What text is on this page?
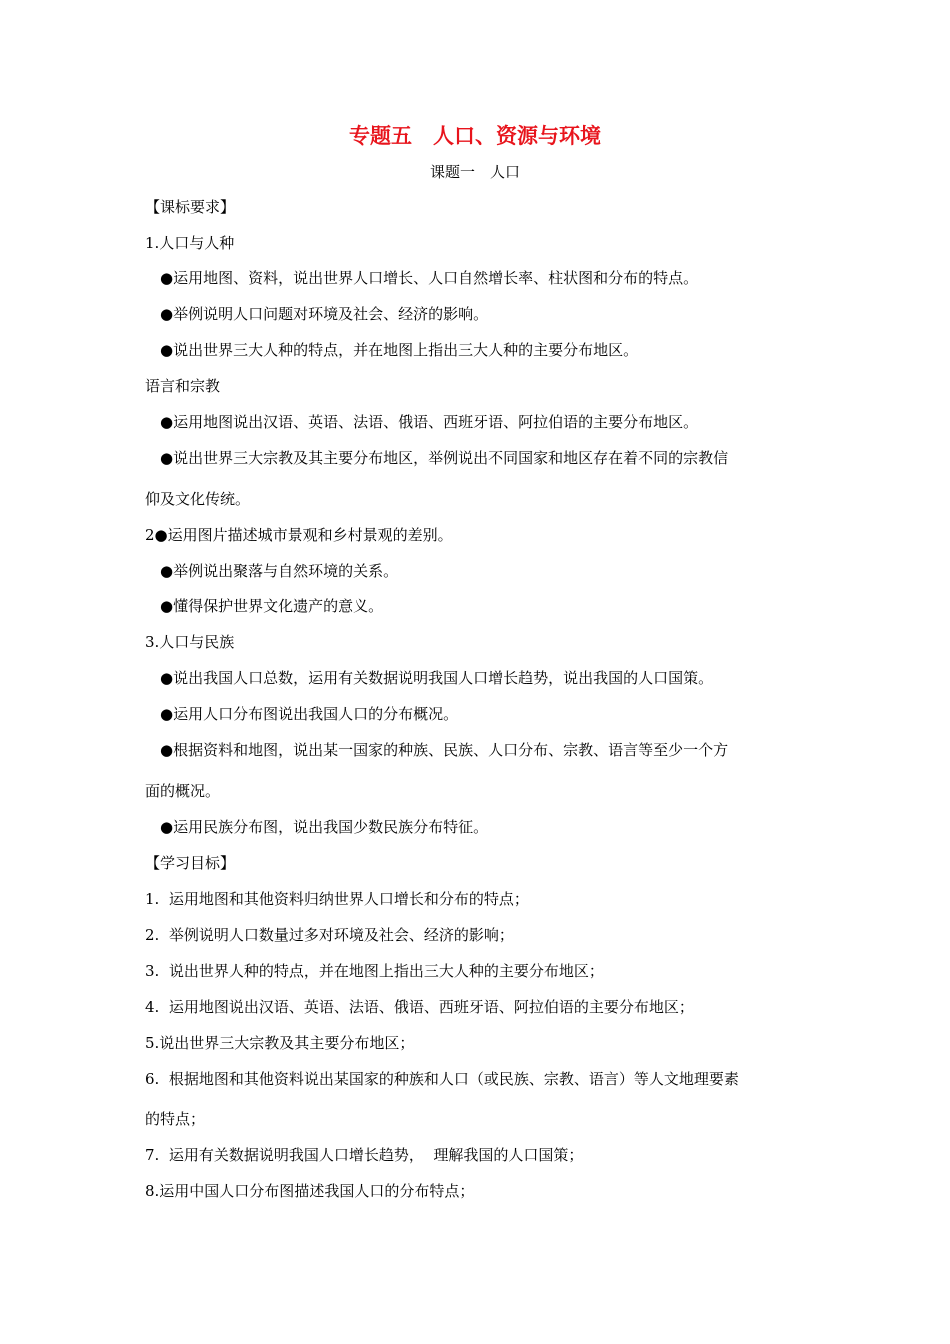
专题五　人口、资源与环境
课题一　人口
【课标要求】
1.人口与人种
●运用地图、资料，说出世界人口增长、人口自然增长率、柱状图和分布的特点。
●举例说明人口问题对环境及社会、经济的影响。
●说出世界三大人种的特点，并在地图上指出三大人种的主要分布地区。
语言和宗教
●运用地图说出汉语、英语、法语、俄语、西班牙语、阿拉伯语的主要分布地区。
●说出世界三大宗教及其主要分布地区，举例说出不同国家和地区存在着不同的宗教信
仰及文化传统。
2●运用图片描述城市景观和乡村景观的差别。
●举例说出聚落与自然环境的关系。
●懂得保护世界文化遗产的意义。
3.人口与民族
●说出我国人口总数，运用有关数据说明我国人口增长趋势，说出我国的人口国策。
●运用人口分布图说出我国人口的分布概况。
●根据资料和地图，说出某一国家的种族、民族、人口分布、宗教、语言等至少一个方
面的概况。
●运用民族分布图，说出我国少数民族分布特征。
【学习目标】
1.  运用地图和其他资料归纳世界人口增长和分布的特点；
2.  举例说明人口数量过多对环境及社会、经济的影响；
3.  说出世界人种的特点，并在地图上指出三大人种的主要分布地区；
4.  运用地图说出汉语、英语、法语、俄语、西班牙语、阿拉伯语的主要分布地区；
5.说出世界三大宗教及其主要分布地区；
6.  根据地图和其他资料说出某国家的种族和人口（或民族、宗教、语言）等人文地理要素
的特点；
7.  运用有关数据说明我国人口增长趋势，  理解我国的人口国策；
8.运用中国人口分布图描述我国人口的分布特点；
